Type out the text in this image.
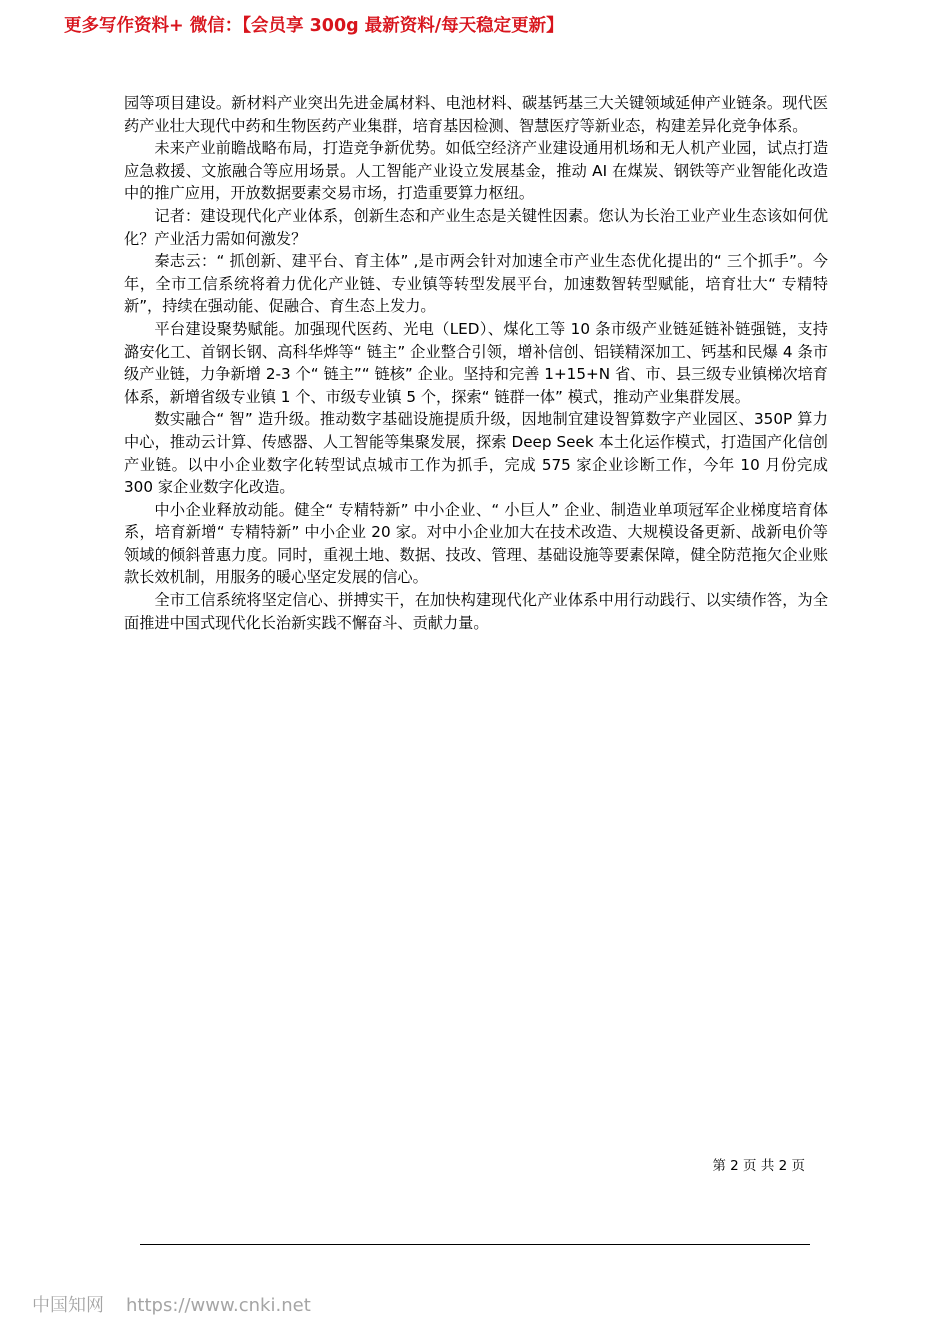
更多写作资料+ 微信：【会员享 300g 最新资料/每天稳定更新】

园等项目建设。新材料产业突出先进金属材料、电池材料、碳基钙基三大关键领域延伸产业链条。现代医药产业壮大现代中药和生物医药产业集群，培育基因检测、智慧医疗等新业态，构建差异化竞争体系。

未来产业前瞻战略布局，打造竞争新优势。如低空经济产业建设通用机场和无人机产业园，试点打造应急救援、文旅融合等应用场景。人工智能产业设立发展基金，推动 AI 在煤炭、钢铁等产业智能化改造中的推广应用，开放数据要素交易市场，打造重要算力枢纽。

记者：建设现代化产业体系，创新生态和产业生态是关键性因素。您认为长治工业产业生态该如何优化？产业活力需如何激发？

秦志云：“ 抓创新、建平台、育主体” ,是市两会针对加速全市产业生态优化提出的“ 三个抓手”。今年，全市工信系统将着力优化产业链、专业镇等转型发展平台，加速数智转型赋能，培育壮大“ 专精特新”，持续在强动能、促融合、育生态上发力。

平台建设聚势赋能。加强现代医药、光电（LED）、煤化工等 10 条市级产业链延链补链强链，支持潞安化工、首钢长钢、高科华烨等“ 链主” 企业整合引领，增补信创、铝镁精深加工、钙基和民爆 4 条市级产业链，力争新增 2-3 个“ 链主”“ 链核” 企业。坚持和完善 1+15+N 省、市、县三级专业镇梯次培育体系，新增省级专业镇 1 个、市级专业镇 5 个，探索“ 链群一体” 模式，推动产业集群发展。

数实融合“ 智” 造升级。推动数字基础设施提质升级，因地制宜建设智算数字产业园区、350P 算力中心，推动云计算、传感器、人工智能等集聚发展，探索 Deep Seek 本土化运作模式，打造国产化信创产业链。以中小企业数字化转型试点城市工作为抓手，完成 575 家企业诊断工作，今年 10 月份完成 300 家企业数字化改造。

中小企业释放动能。健全“ 专精特新” 中小企业、“ 小巨人” 企业、制造业单项冠军企业梯度培育体系，培育新增“ 专精特新” 中小企业 20 家。对中小企业加大在技术改造、大规模设备更新、战新电价等领域的倾斜普惠力度。同时，重视土地、数据、技改、管理、基础设施等要素保障，健全防范拖欠企业账款长效机制，用服务的暖心坚定发展的信心。

全市工信系统将坚定信心、拼搏实干，在加快构建现代化产业体系中用行动践行、以实绩作答，为全面推进中国式现代化长治新实践不懈奋斗、贡献力量。

第 2 页 共 2 页
中国知网 https://www.cnki.net
